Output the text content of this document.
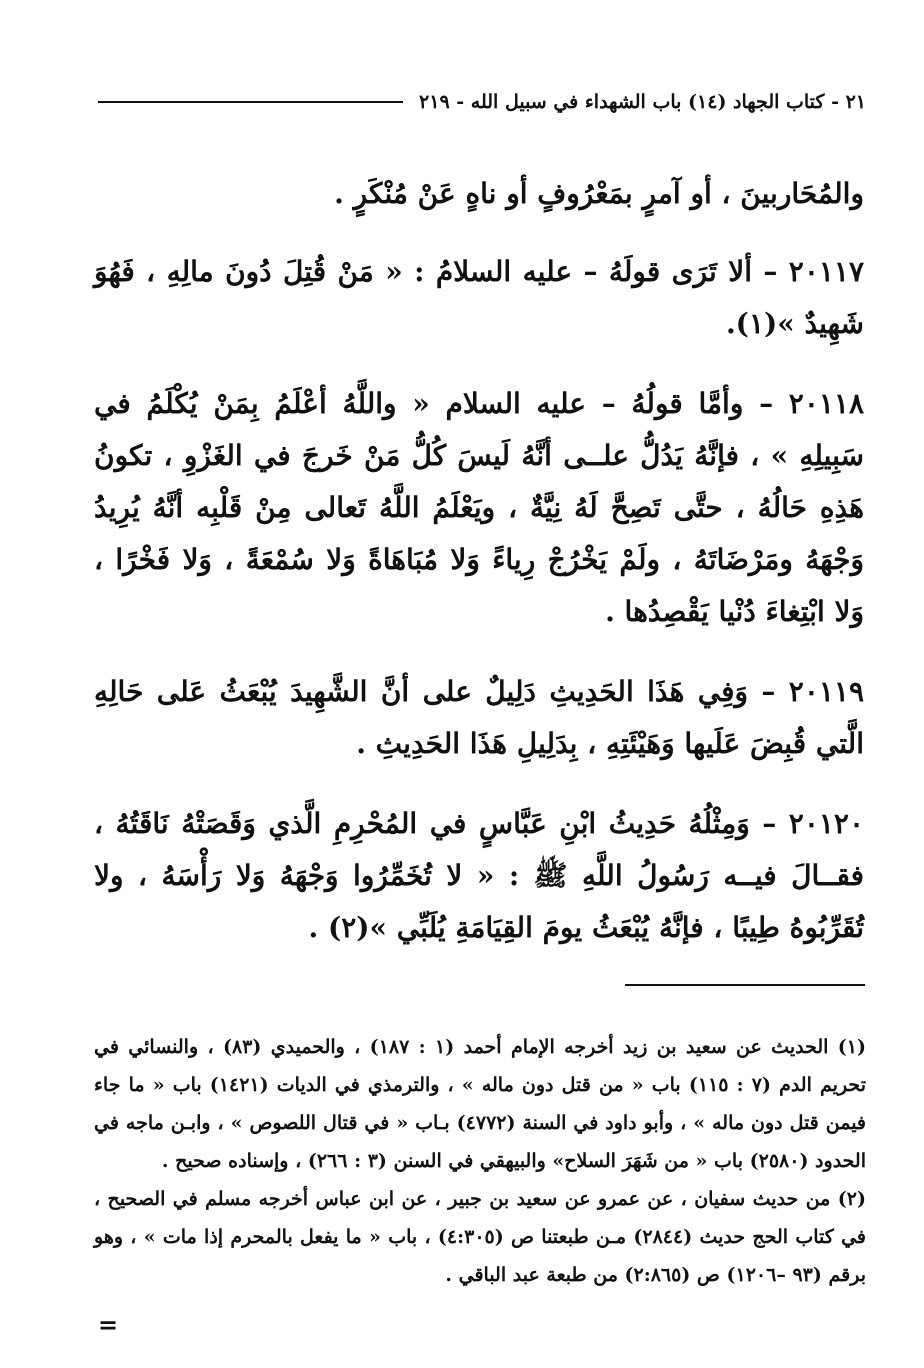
٢١ - كتاب الجهاد (١٤) باب الشهداء في سبيل الله - ٢١٩

والمُحَاربينَ ، أو آمرٍ بمَعْرُوفٍ أو ناهٍ عَنْ مُنْكَرٍ .

٢٠١١٧ – ألا تَرَى قولَهُ – عليه السلامُ : « مَنْ قُتِلَ دُونَ مالِهِ ، فَهُوَ شَهِيدٌ »(١).

٢٠١١٨ – وأمَّا قولُهُ – عليه السلام « واللَّهُ أعْلَمُ بِمَنْ يُكْلَمُ في سَبِيلِهِ » ، فإنَّهُ يَدُلُّ علــى أنَّهُ لَيسَ كُلُّ مَنْ خَرجَ في الغَزْوِ ، تكونُ هَذِهِ حَالُهُ ، حتَّى تَصِحَّ لَهُ نِيَّةٌ ، ويَعْلَمُ اللَّهُ تَعالى مِنْ قَلْبِه أنَّهُ يُرِيدُ وَجْهَهُ ومَرْضَاتَهُ ، ولَمْ يَخْرُجْ رِياءً وَلا مُبَاهَاةً وَلا سُمْعَةً ، وَلا فَخْرًا ، وَلا ابْتِغاءَ دُنْيا يَقْصِدُها .

٢٠١١٩ – وَفِي هَذَا الحَدِيثِ دَلِيلٌ على أنَّ الشَّهِيدَ يُبْعَثُ عَلى حَالِهِ الَّتي قُبِضَ عَلَيها وَهَيْئَتِهِ ، بِدَلِيلِ هَذَا الحَدِيثِ .

٢٠١٢٠ – وَمِثْلُهُ حَدِيثُ ابْنِ عَبَّاسٍ في المُحْرِمِ الَّذي وَقَصَتْهُ نَاقَتُهُ ، فقــالَ فيــه رَسُولُ اللَّهِ ﷺ : « لا تُخَمِّرُوا وَجْهَهُ وَلا رَأْسَهُ ، ولا تُقَرِّبُوهُ طِيبًا ، فإنَّهُ يُبْعَثُ يومَ القِيَامَةِ يُلَبِّي »(٢) .

(١) الحديث عن سعيد بن زيد أخرجه الإمام أحمد (١ : ١٨٧) ، والحميدي (٨٣) ، والنسائي في تحريم الدم (٧ : ١١٥) باب « من قتل دون ماله » ، والترمذي في الديات (١٤٢١) باب « ما جاء فيمن قتل دون ماله » ، وأبو داود في السنة (٤٧٧٢) بـاب « في قتال اللصوص » ، وابـن ماجه في الحدود (٢٥٨٠) باب « من شَهَرَ السلاح» والبيهقي في السنن (٣ : ٢٦٦) ، وإسناده صحيح .

(٢) من حديث سفيان ، عن عمرو عن سعيد بن جبير ، عن ابن عباس أخرجه مسلم في الصحيح ، في كتاب الحج حديث (٢٨٤٤) مـن طبعتنا ص (٤:٣٠٥) ، باب « ما يفعل بالمحرم إذا مات » ، وهو برقم (٩٣ –١٢٠٦) ص (٢:٨٦٥) من طبعة عبد الباقي .

=
